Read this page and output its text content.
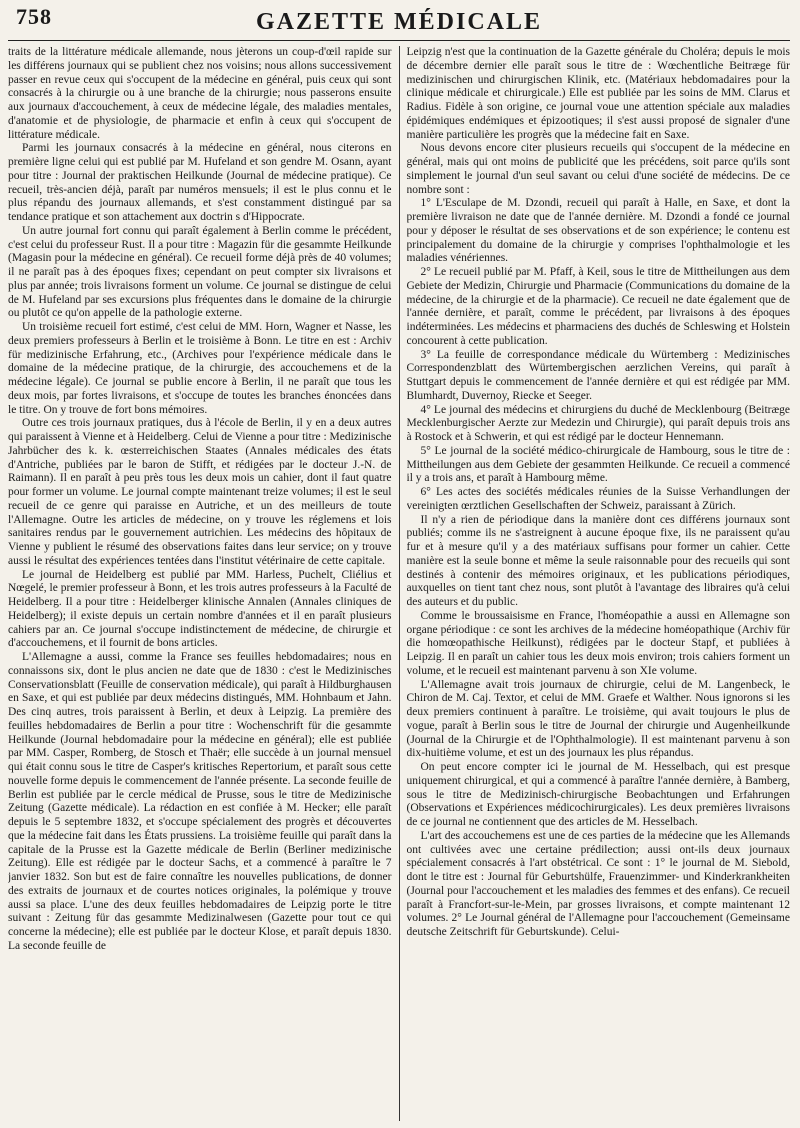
758	GAZETTE MÉDICALE

traits de la littérature médicale allemande, nous jèterons un coup-d'œil rapide sur les différens journaux qui se publient chez nos voisins; nous allons successivement passer en revue ceux qui s'occupent de la médecine en général, puis ceux qui sont consacrés à la chirurgie ou à une branche de la chirurgie; nous passerons ensuite aux journaux d'accouchement, à ceux de médecine légale, des maladies mentales, d'anatomie et de physiologie, de pharmacie et enfin à ceux qui s'occupent de littérature médicale.

Parmi les journaux consacrés à la médecine en général, nous citerons en première ligne celui qui est publié par M. Hufeland et son gendre M. Osann, ayant pour titre : Journal der praktischen Heilkunde (Journal de médecine pratique). Ce recueil, très-ancien déjà, paraît par numéros mensuels; il est le plus connu et le plus répandu des journaux allemands, et s'est constamment distingué par sa tendance pratique et son attachement aux doctrin s d'Hippocrate.

Un autre journal fort connu qui paraît également à Berlin comme le précédent, c'est celui du professeur Rust. Il a pour titre : Magazin für die gesammte Heilkunde (Magasin pour la médecine en général). Ce recueil forme déjà près de 40 volumes; il ne paraît pas à des époques fixes; cependant on peut compter six livraisons et plus par année; trois livraisons forment un volume. Ce journal se distingue de celui de M. Hufeland par ses excursions plus fréquentes dans le domaine de la chirurgie ou plutôt ce qu'on appelle de la pathologie externe.

Un troisième recueil fort estimé, c'est celui de MM. Horn, Wagner et Nasse, les deux premiers professeurs à Berlin et le troisième à Bonn. Le titre en est : Archiv für medizinische Erfahrung, etc., (Archives pour l'expérience médicale dans le domaine de la médecine pratique, de la chirurgie, des accouchemens et de la médecine légale). Ce journal se publie encore à Berlin, il ne paraît que tous les deux mois, par fortes livraisons, et s'occupe de toutes les branches énoncées dans le titre. On y trouve de fort bons mémoires.

Outre ces trois journaux pratiques, dus à l'école de Berlin, il y en a deux autres qui paraissent à Vienne et à Heidelberg. Celui de Vienne a pour titre : Medizinische Jahrbücher des k. k. œsterreichischen Staates (Annales médicales des états d'Antriche, publiées par le baron de Stifft, et rédigées par le docteur J.-N. de Raimann). Il en paraît à peu près tous les deux mois un cahier, dont il faut quatre pour former un volume. Le journal compte maintenant treize volumes; il est le seul recueil de ce genre qui paraisse en Autriche, et un des meilleurs de toute l'Allemagne. Outre les articles de médecine, on y trouve les réglemens et lois sanitaires rendus par le gouvernement autrichien. Les médecins des hôpitaux de Vienne y publient le résumé des observations faites dans leur service; on y trouve aussi le résultat des expériences tentées dans l'institut vétérinaire de cette capitale.

Le journal de Heidelberg est publié par MM. Harless, Puchelt, Cliélius et Nœgelé, le premier professeur à Bonn, et les trois autres professeurs à la Faculté de Heidelberg. Il a pour titre : Heidelberger klinische Annalen (Annales cliniques de Heidelberg); il existe depuis un certain nombre d'années et il en paraît plusieurs cahiers par an. Ce journal s'occupe indistinctement de médecine, de chirurgie et d'accouchemens, et il fournit de bons articles.

L'Allemagne a aussi, comme la France ses feuilles hebdomadaires; nous en connaissons six, dont le plus ancien ne date que de 1830 : c'est le Medizinisches Conservationsblatt (Feuille de conservation médicale), qui paraît à Hildburghausen en Saxe, et qui est publiée par deux médecins distingués, MM. Hohnbaum et Jahn. Des cinq autres, trois paraissent à Berlin, et deux à Leipzig. La première des feuilles hebdomadaires de Berlin a pour titre : Wochenschrift für die gesammte Heilkunde (Journal hebdomadaire pour la médecine en général); elle est publiée par MM. Casper, Romberg, de Stosch et Thaër; elle succède à un journal mensuel qui était connu sous le titre de Casper's kritisches Repertorium, et paraît sous cette nouvelle forme depuis le commencement de l'année présente. La seconde feuille de Berlin est publiée par le cercle médical de Prusse, sous le titre de Medizinische Zeitung (Gazette médicale). La rédaction en est confiée à M. Hecker; elle paraît depuis le 5 septembre 1832, et s'occupe spécialement des progrès et découvertes que la médecine fait dans les États prussiens. La troisième feuille qui paraît dans la capitale de la Prusse est la Gazette médicale de Berlin (Berliner medizinische Zeitung). Elle est rédigée par le docteur Sachs, et a commencé à paraître le 7 janvier 1832. Son but est de faire connaître les nouvelles publications, de donner des extraits de journaux et de courtes notices originales, la polémique y trouve aussi sa place. L'une des deux feuilles hebdomadaires de Leipzig porte le titre suivant : Zeitung für das gesammte Medizinalwesen (Gazette pour tout ce qui concerne la médecine); elle est publiée par le docteur Klose, et paraît depuis 1830. La seconde feuille de

Leipzig n'est que la continuation de la Gazette générale du Choléra; depuis le mois de décembre dernier elle paraît sous le titre de : Wœchentliche Beitræge für medizinischen und chirurgischen Klinik, etc. (Matériaux hebdomadaires pour la clinique médicale et chirurgicale.) Elle est publiée par les soins de MM. Clarus et Radius. Fidèle à son origine, ce journal voue une attention spéciale aux maladies épidémiques endémiques et épizootiques; il s'est aussi proposé de signaler d'une manière particulière les progrès que la médecine fait en Saxe.

Nous devons encore citer plusieurs recueils qui s'occupent de la médecine en général, mais qui ont moins de publicité que les précédens, soit parce qu'ils sont simplement le journal d'un seul savant ou celui d'une société de médecins. De ce nombre sont :

1° L'Esculape de M. Dzondi, recueil qui paraît à Halle, en Saxe, et dont la première livraison ne date que de l'année dernière. M. Dzondi a fondé ce journal pour y déposer le résultat de ses observations et de son expérience; le contenu est principalement du domaine de la chirurgie y comprises l'ophthalmologie et les maladies vénériennes.

2° Le recueil publié par M. Pfaff, à Keil, sous le titre de Mittheilungen aus dem Gebiete der Medizin, Chirurgie und Pharmacie (Communications du domaine de la médecine, de la chirurgie et de la pharmacie). Ce recueil ne date également que de l'année dernière, et paraît, comme le précédent, par livraisons à des époques indéterminées. Les médecins et pharmaciens des duchés de Schleswing et Holstein concourent à cette publication.

3° La feuille de correspondance médicale du Würtemberg : Medizinisches Correspondenzblatt des Würtembergischen aerzlichen Vereins, qui paraît à Stuttgart depuis le commencement de l'année dernière et qui est rédigée par MM. Blumhardt, Duvernoy, Riecke et Seeger.

4° Le journal des médecins et chirurgiens du duché de Mecklenbourg (Beitræge Mecklenburgischer Aerzte zur Medezin und Chirurgie), qui paraît depuis trois ans à Rostock et à Schwerin, et qui est rédigé par le docteur Hennemann.

5° Le journal de la société médico-chirurgicale de Hambourg, sous le titre de : Mittheilungen aus dem Gebiete der gesammten Heilkunde. Ce recueil a commencé il y a trois ans, et paraît à Hambourg même.

6° Les actes des sociétés médicales réunies de la Suisse Verhandlungen der vereinigten œrztlichen Gesellschaften der Schweiz, paraissant à Zürich.

Il n'y a rien de périodique dans la manière dont ces différens journaux sont publiés; comme ils ne s'astreignent à aucune époque fixe, ils ne paraissent qu'au fur et à mesure qu'il y a des matériaux suffisans pour former un cahier. Cette manière est la seule bonne et même la seule raisonnable pour des recueils qui sont destinés à contenir des mémoires originaux, et les publications périodiques, auxquelles on tient tant chez nous, sont plutôt à l'avantage des libraires qu'à celui des auteurs et du public.

Comme le broussaisisme en France, l'homéopathie a aussi en Allemagne son organe périodique : ce sont les archives de la médecine homéopathique (Archiv für die homœopathische Heilkunst), rédigées par le docteur Stapf, et publiées à Leipzig. Il en paraît un cahier tous les deux mois environ; trois cahiers forment un volume, et le recueil est maintenant parvenu à son XIe volume.

L'Allemagne avait trois journaux de chirurgie, celui de M. Langenbeck, le Chiron de M. Caj. Textor, et celui de MM. Graefe et Walther. Nous ignorons si les deux premiers continuent à paraître. Le troisième, qui avait toujours le plus de vogue, paraît à Berlin sous le titre de Journal der chirurgie und Augenheilkunde (Journal de la Chirurgie et de l'Ophthalmologie). Il est maintenant parvenu à son dix-huitième volume, et est un des journaux les plus répandus.

On peut encore compter ici le journal de M. Hesselbach, qui est presque uniquement chirurgical, et qui a commencé à paraître l'année dernière, à Bamberg, sous le titre de Medizinisch-chirurgische Beobachtungen und Erfahrungen (Observations et Expériences médicochirurgicales). Les deux premières livraisons de ce journal ne contiennent que des articles de M. Hesselbach.

L'art des accouchemens est une de ces parties de la médecine que les Allemands ont cultivées avec une certaine prédilection; aussi ont-ils deux journaux spécialement consacrés à l'art obstétrical. Ce sont : 1° le journal de M. Siebold, dont le titre est : Journal für Geburtshülfe, Frauenzimmer- und Kinderkrankheiten (Journal pour l'accouchement et les maladies des femmes et des enfans). Ce recueil paraît à Francfort-sur-le-Mein, par grosses livraisons, et compte maintenant 12 volumes. 2° Le Journal général de l'Allemagne pour l'accouchement (Gemeinsame deutsche Zeitschrift für Geburtskunde). Celui-
